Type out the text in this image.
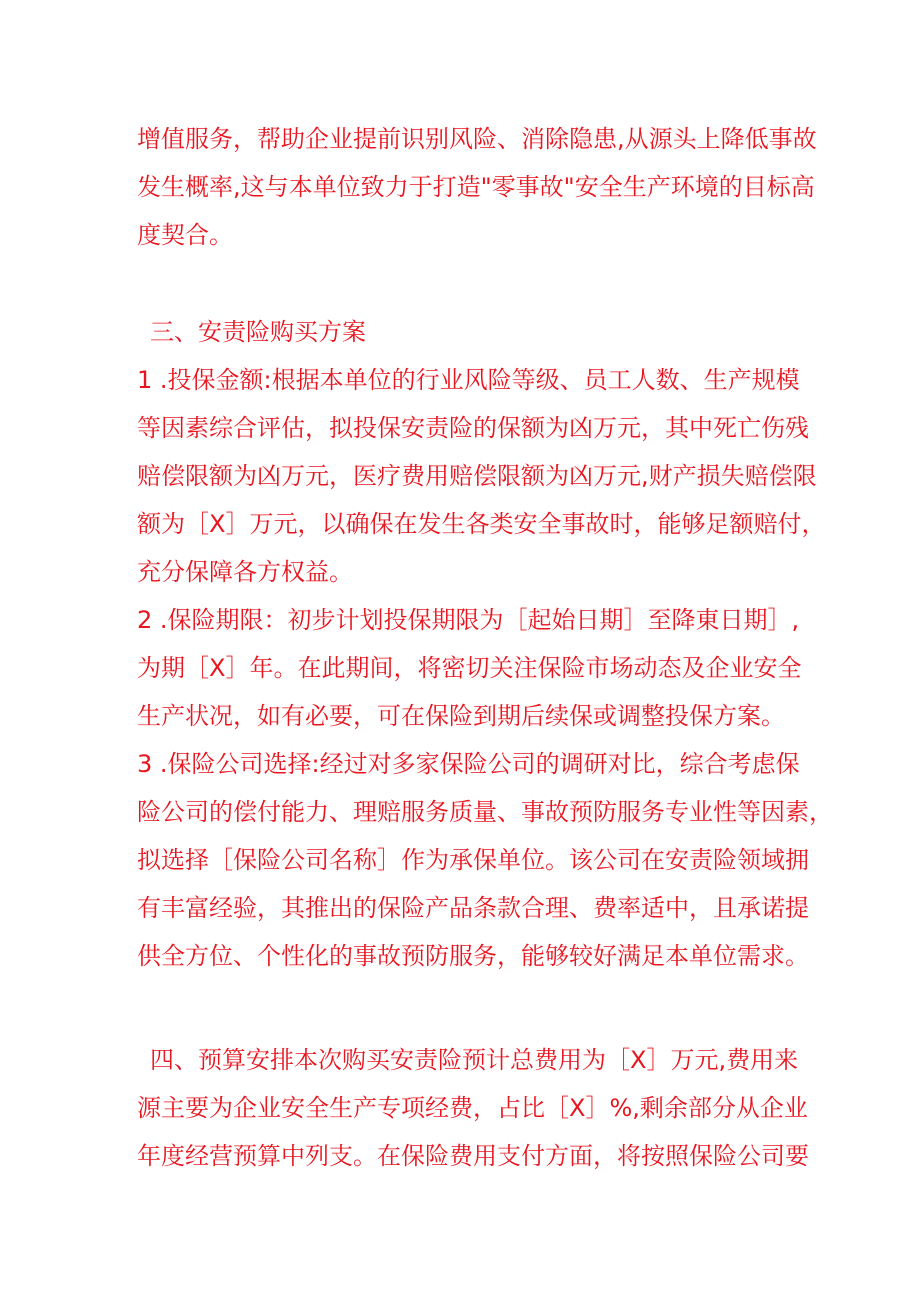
增值服务，帮助企业提前识别风险、消除隐患,从源头上降低事故
发生概率,这与本单位致力于打造"零事故"安全生产环境的目标高
度契合。
三、安责险购买方案
1 .投保金额:根据本单位的行业风险等级、员工人数、生产规模
等因素综合评估，拟投保安责险的保额为凶万元，其中死亡伤残
赔偿限额为凶万元，医疗费用赔偿限额为凶万元,财产损失赔偿限
额为［X］万元，以确保在发生各类安全事故时，能够足额赔付，
充分保障各方权益。
2 .保险期限：初步计划投保期限为［起始日期］至降東日期］,
为期［X］年。在此期间，将密切关注保险市场动态及企业安全
生产状况，如有必要，可在保险到期后续保或调整投保方案。
3 .保险公司选择:经过对多家保险公司的调研对比，综合考虑保
险公司的偿付能力、理赔服务质量、事故预防服务专业性等因素，
拟选择［保险公司名称］作为承保单位。该公司在安责险领域拥
有丰富经验，其推出的保险产品条款合理、费率适中，且承诺提
供全方位、个性化的事故预防服务，能够较好满足本单位需求。
四、预算安排本次购买安责险预计总费用为［X］万元,费用来
源主要为企业安全生产专项经费，占比［X］%,剩余部分从企业
年度经营预算中列支。在保险费用支付方面，将按照保险公司要
